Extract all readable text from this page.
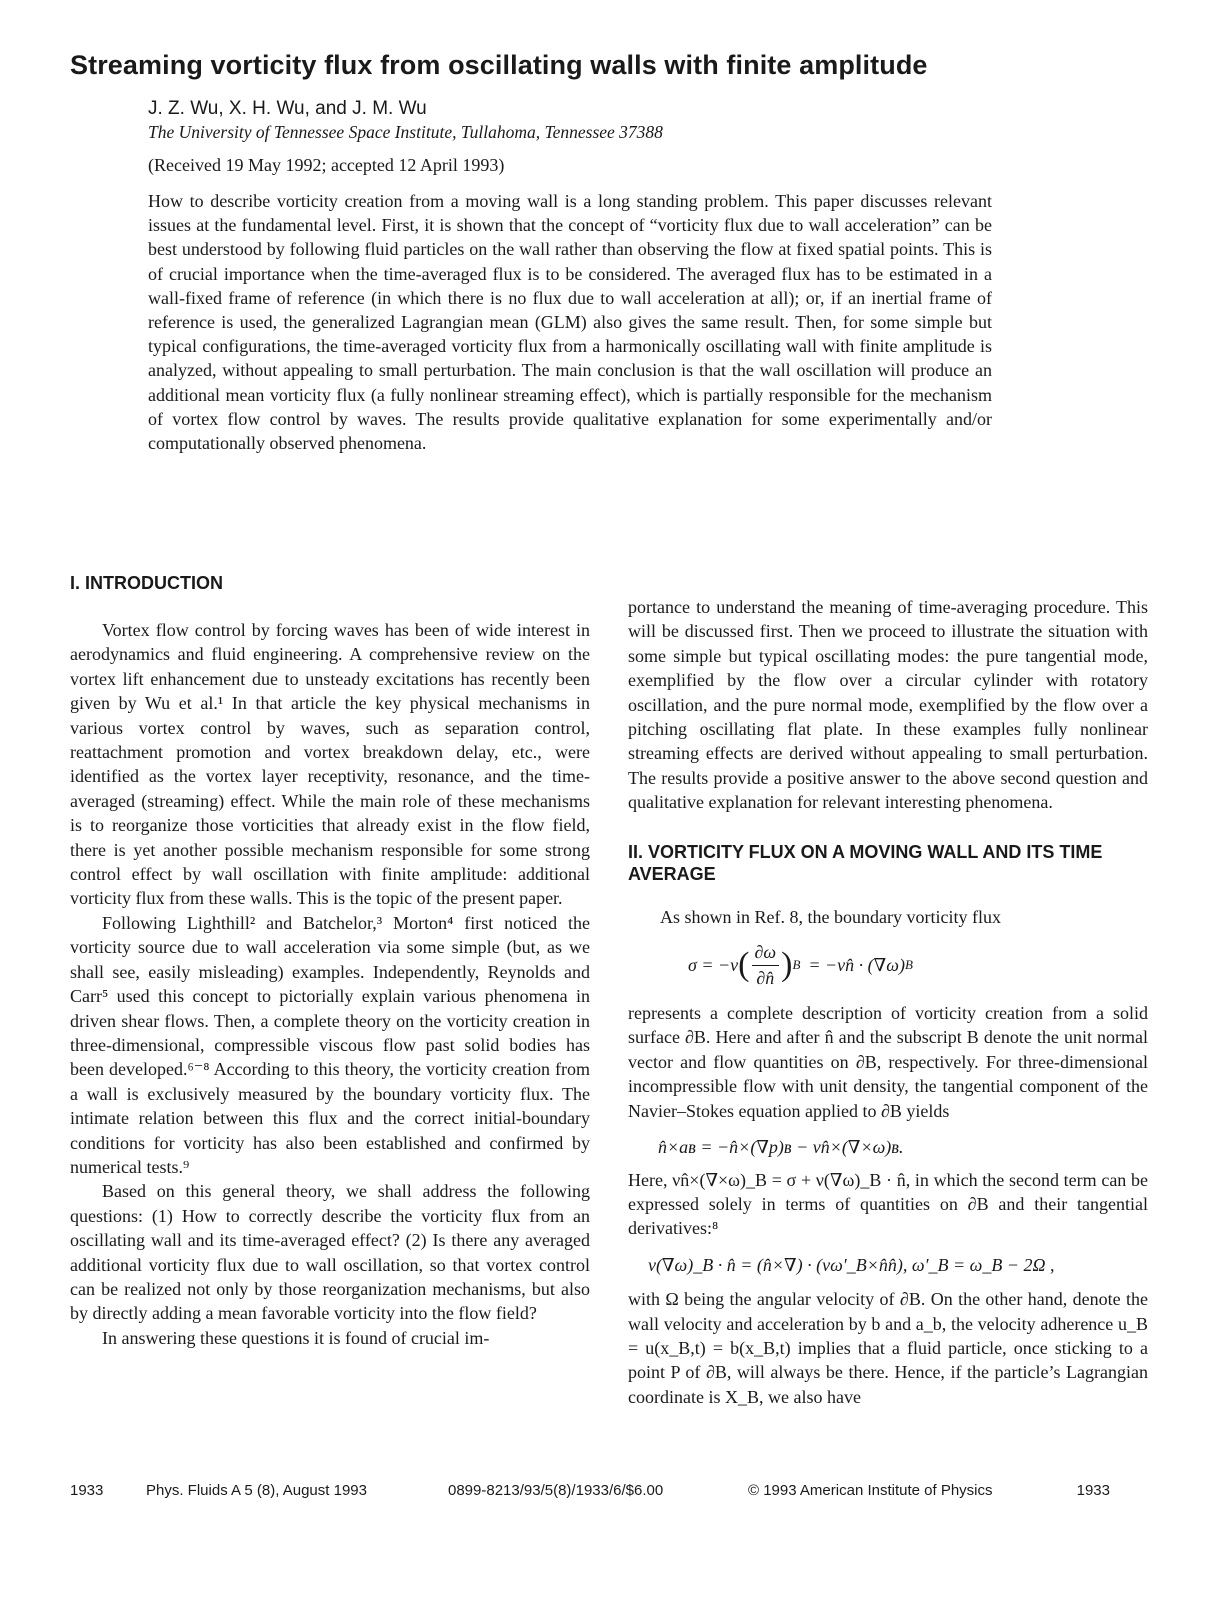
Streaming vorticity flux from oscillating walls with finite amplitude
J. Z. Wu, X. H. Wu, and J. M. Wu
The University of Tennessee Space Institute, Tullahoma, Tennessee 37388
(Received 19 May 1992; accepted 12 April 1993)

How to describe vorticity creation from a moving wall is a long standing problem. This paper discusses relevant issues at the fundamental level. First, it is shown that the concept of “vorticity flux due to wall acceleration” can be best understood by following fluid particles on the wall rather than observing the flow at fixed spatial points. This is of crucial importance when the time-averaged flux is to be considered. The averaged flux has to be estimated in a wall-fixed frame of reference (in which there is no flux due to wall acceleration at all); or, if an inertial frame of reference is used, the generalized Lagrangian mean (GLM) also gives the same result. Then, for some simple but typical configurations, the time-averaged vorticity flux from a harmonically oscillating wall with finite amplitude is analyzed, without appealing to small perturbation. The main conclusion is that the wall oscillation will produce an additional mean vorticity flux (a fully nonlinear streaming effect), which is partially responsible for the mechanism of vortex flow control by waves. The results provide qualitative explanation for some experimentally and/or computationally observed phenomena.

I. INTRODUCTION

Vortex flow control by forcing waves has been of wide interest in aerodynamics and fluid engineering. A comprehensive review on the vortex lift enhancement due to unsteady excitations has recently been given by Wu et al.¹ In that article the key physical mechanisms in various vortex control by waves, such as separation control, reattachment promotion and vortex breakdown delay, etc., were identified as the vortex layer receptivity, resonance, and the time-averaged (streaming) effect. While the main role of these mechanisms is to reorganize those vorticities that already exist in the flow field, there is yet another possible mechanism responsible for some strong control effect by wall oscillation with finite amplitude: additional vorticity flux from these walls. This is the topic of the present paper.

Following Lighthill² and Batchelor,³ Morton⁴ first noticed the vorticity source due to wall acceleration via some simple (but, as we shall see, easily misleading) examples. Independently, Reynolds and Carr⁵ used this concept to pictorially explain various phenomena in driven shear flows. Then, a complete theory on the vorticity creation in three-dimensional, compressible viscous flow past solid bodies has been developed.⁶⁻⁸ According to this theory, the vorticity creation from a wall is exclusively measured by the boundary vorticity flux. The intimate relation between this flux and the correct initial-boundary conditions for vorticity has also been established and confirmed by numerical tests.⁹

Based on this general theory, we shall address the following questions: (1) How to correctly describe the vorticity flux from an oscillating wall and its time-averaged effect? (2) Is there any averaged additional vorticity flux due to wall oscillation, so that vortex control can be realized not only by those reorganization mechanisms, but also by directly adding a mean favorable vorticity into the flow field?

In answering these questions it is found of crucial im-

portance to understand the meaning of time-averaging procedure. This will be discussed first. Then we proceed to illustrate the situation with some simple but typical oscillating modes: the pure tangential mode, exemplified by the flow over a circular cylinder with rotatory oscillation, and the pure normal mode, exemplified by the flow over a pitching oscillating flat plate. In these examples fully nonlinear streaming effects are derived without appealing to small perturbation. The results provide a positive answer to the above second question and qualitative explanation for relevant interesting phenomena.

II. VORTICITY FLUX ON A MOVING WALL AND ITS TIME AVERAGE

As shown in Ref. 8, the boundary vorticity flux

σ = −ν ( $\frac{\partial\omega}{\partial n̂}$ ) B = −νn̂ · (∇ω) B

represents a complete description of vorticity creation from a solid surface ∂B. Here and after n̂ and the subscript B denote the unit normal vector and flow quantities on ∂B, respectively. For three-dimensional incompressible flow with unit density, the tangential component of the Navier–Stokes equation applied to ∂B yields

n̂×aʙ = −n̂×(∇p)ʙ − νn̂×(∇×ω)ʙ.

Here, νn̂×(∇×ω)_B = σ + ν(∇ω)_B · n̂, in which the second term can be expressed solely in terms of quantities on ∂B and their tangential derivatives:⁸

ν(∇ω)_B · n̂ = (n̂×∇) · (νω′_B×n̂n̂), ω′_B = ω_B − 2Ω ,

with Ω being the angular velocity of ∂B. On the other hand, denote the wall velocity and acceleration by b and a_b, the velocity adherence u_B = u(x_B,t) = b(x_B,t) implies that a fluid particle, once sticking to a point P of ∂B, will always be there. Hence, if the particle’s Lagrangian coordinate is X_B, we also have

1933	Phys. Fluids A 5 (8), August 1993	0899-8213/93/5(8)/1933/6/$6.00	© 1993 American Institute of Physics	1933
